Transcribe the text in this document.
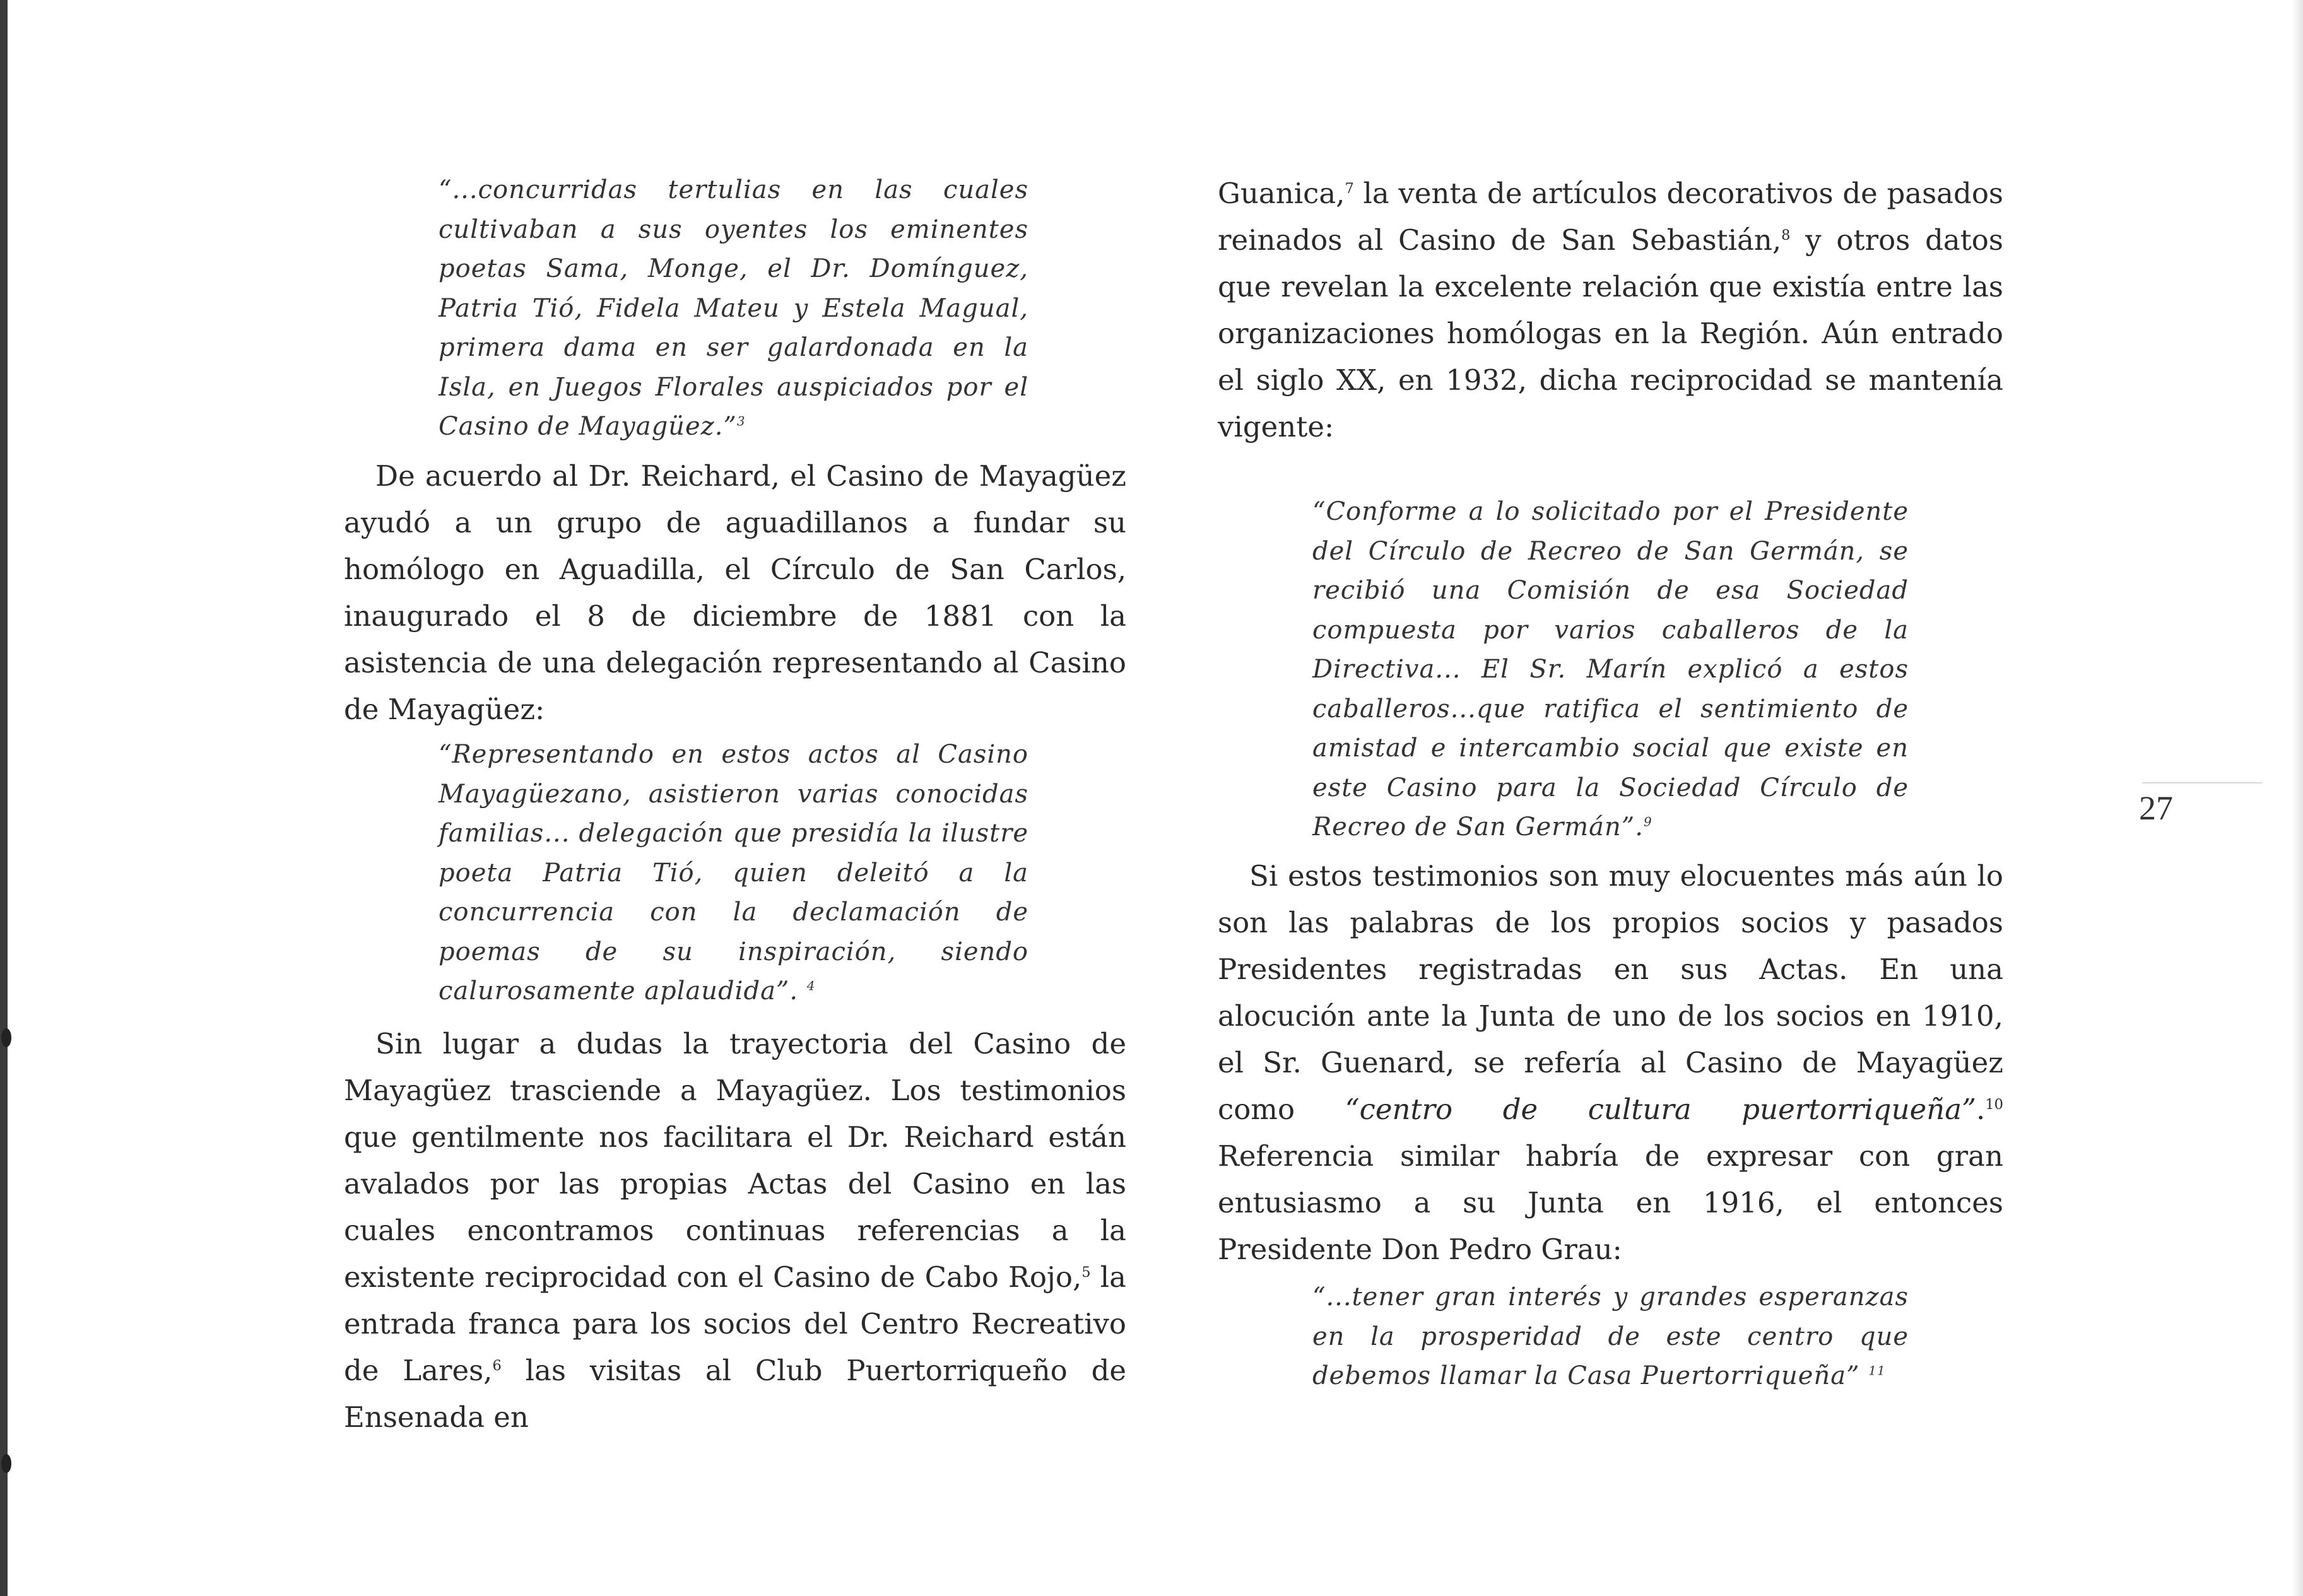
“...concurridas tertulias en las cuales cultivaban a sus oyentes los eminentes poetas Sama, Monge, el Dr. Domínguez, Patria Tió, Fidela Mateu y Estela Magual, primera dama en ser galardonada en la Isla, en Juegos Florales auspiciados por el Casino de Mayagüez.”$^3$

De acuerdo al Dr. Reichard, el Casino de Mayagüez ayudó a un grupo de aguadillanos a fundar su homólogo en Aguadilla, el Círculo de San Carlos, inaugurado el 8 de diciembre de 1881 con la asistencia de una delegación representando al Casino de Mayagüez:

“Representando en estos actos al Casino Mayagüezano, asistieron varias conocidas familias... delegación que presidía la ilustre poeta Patria Tió, quien deleitó a la concurrencia con la declamación de poemas de su inspiración, siendo calurosamente aplaudida”. $^4$

Sin lugar a dudas la trayectoria del Casino de Mayagüez trasciende a Mayagüez. Los testimonios que gentilmente nos facilitara el Dr. Reichard están avalados por las propias Actas del Casino en las cuales encontramos continuas referencias a la existente reciprocidad con el Casino de Cabo Rojo,$^5$ la entrada franca para los socios del Centro Recreativo de Lares,$^6$ las visitas al Club Puertorriqueño de Ensenada en

Guanica,$^7$ la venta de artículos decorativos de pasados reinados al Casino de San Sebastián,$^8$ y otros datos que revelan la excelente relación que existía entre las organizaciones homólogas en la Región. Aún entrado el siglo XX, en 1932, dicha reciprocidad se mantenía vigente:

“Conforme a lo solicitado por el Presidente del Círculo de Recreo de San Germán, se recibió una Comisión de esa Sociedad compuesta por varios caballeros de la Directiva... El Sr. Marín explicó a estos caballeros...que ratifica el sentimiento de amistad e intercambio social que existe en este Casino para la Sociedad Círculo de Recreo de San Germán”.$^9$

Si estos testimonios son muy elocuentes más aún lo son las palabras de los propios socios y pasados Presidentes registradas en sus Actas. En una alocución ante la Junta de uno de los socios en 1910, el Sr. Guenard, se refería al Casino de Mayagüez como “centro de cultura puertorriqueña”.$^{10}$ Referencia similar habría de expresar con gran entusiasmo a su Junta en 1916, el entonces Presidente Don Pedro Grau:

“...tener gran interés y grandes esperanzas en la prosperidad de este centro que debemos llamar la Casa Puertorriqueña” $^{11}$

27
